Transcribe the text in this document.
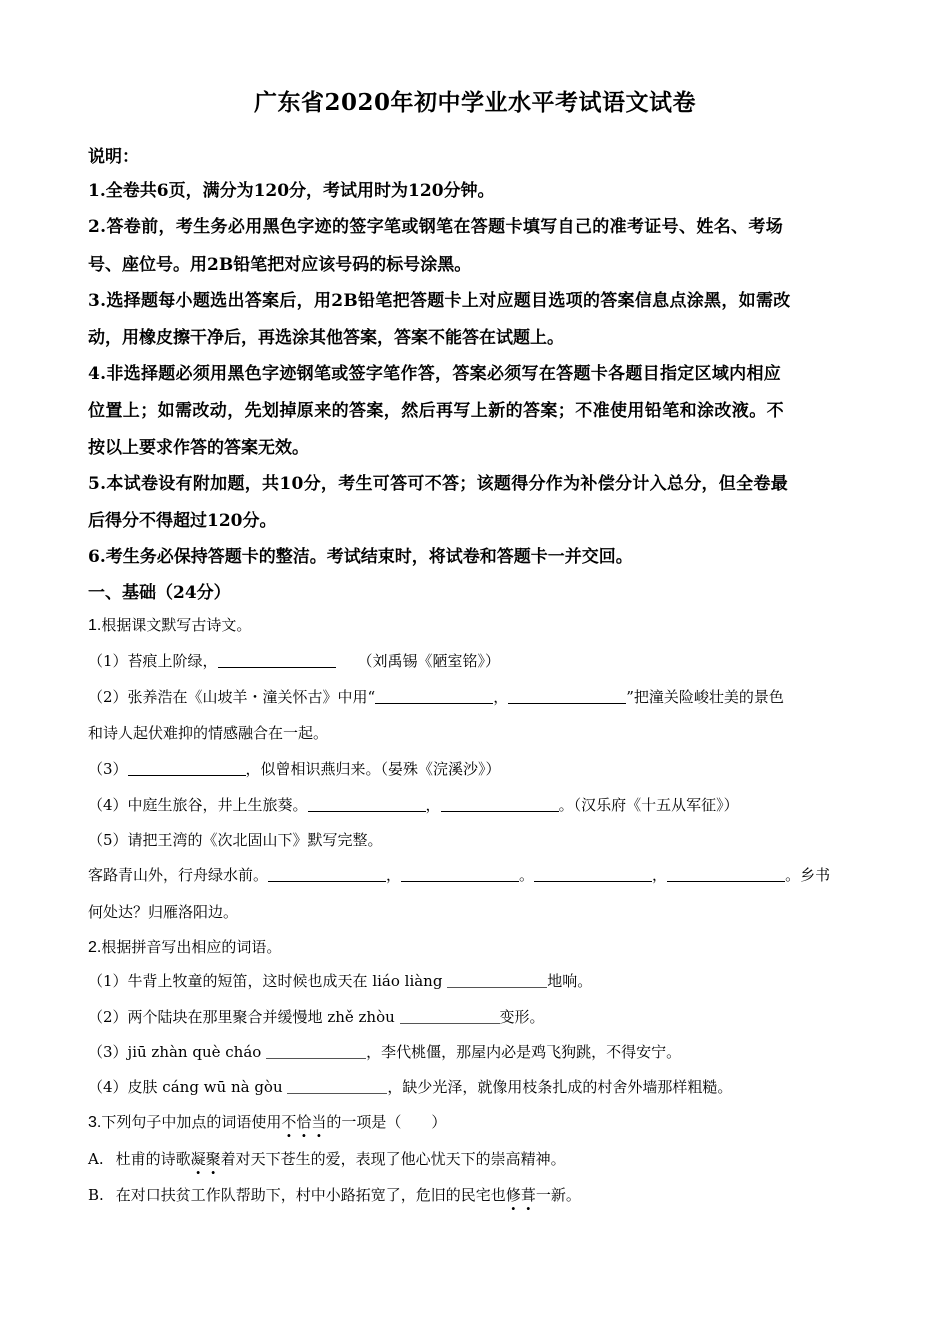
广东省2020年初中学业水平考试语文试卷
说明：
1.全卷共6页，满分为120分，考试用时为120分钟。
2.答卷前，考生务必用黑色字迹的签字笔或钢笔在答题卡填写自己的准考证号、姓名、考场
号、座位号。用2B铅笔把对应该号码的标号涂黑。
3.选择题每小题选出答案后，用2B铅笔把答题卡上对应题目选项的答案信息点涂黑，如需改
动，用橡皮擦干净后，再选涂其他答案，答案不能答在试题上。
4.非选择题必须用黑色字迹钢笔或签字笔作答，答案必须写在答题卡各题目指定区域内相应
位置上；如需改动，先划掉原来的答案，然后再写上新的答案；不准使用铅笔和涂改液。不
按以上要求作答的答案无效。
5.本试卷设有附加题，共10分，考生可答可不答；该题得分作为补偿分计入总分，但全卷最
后得分不得超过120分。
6.考生务必保持答题卡的整洁。考试结束时，将试卷和答题卡一并交回。
一、基础（24分）
1.根据课文默写古诗文。
（1）苔痕上阶绿，	（刘禹锡《陋室铭》）
（2）张养浩在《山坡羊・潼关怀古》中用“	，	”把潼关险峻壮美的景色
和诗人起伏难抑的情感融合在一起。
（3）	，似曾相识燕归来。（晏殊《浣溪沙》）
（4）中庭生旅谷，井上生旅葵。	，	。（汉乐府《十五从军征》）
（5）请把王湾的《次北固山下》默写完整。
客路青山外，行舟绿水前。	，	。	，	。乡书
何处达？归雁洛阳边。
2.根据拼音写出相应的词语。
（1）牛背上牧童的短笛，这时候也成天在 liáo liàng	地响。
（2）两个陆块在那里聚合并缓慢地 zhě zhòu	变形。
（3）jiū zhàn què cháo	，李代桃僵，那屋内必是鸡飞狗跳，不得安宁。
（4）皮肤 cáng wū nà gòu	，缺少光泽，就像用枝条扎成的村舍外墙那样粗糙。
3.下列句子中加点的词语使用不恰当的一项是（　　）
A. 杜甫的诗歌凝聚着对天下苍生的爱，表现了他心忧天下的崇高精神。
B. 在对口扶贫工作队帮助下，村中小路拓宽了，危旧的民宅也修葺一新。
